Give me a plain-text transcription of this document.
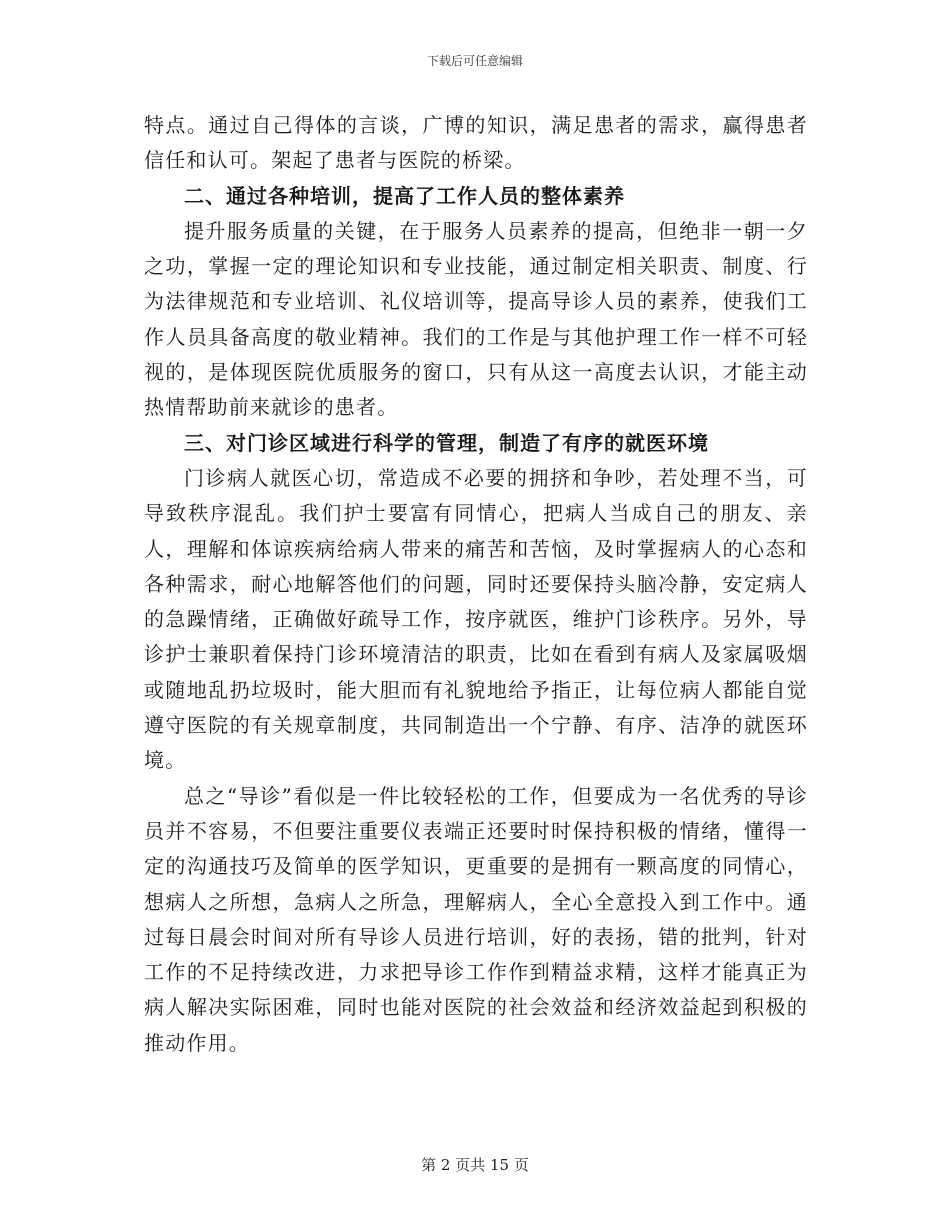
下载后可任意编辑

特点。通过自己得体的言谈，广博的知识，满足患者的需求，赢得患者信任和认可。架起了患者与医院的桥梁。

二、通过各种培训，提高了工作人员的整体素养

提升服务质量的关键，在于服务人员素养的提高，但绝非一朝一夕之功，掌握一定的理论知识和专业技能，通过制定相关职责、制度、行为法律规范和专业培训、礼仪培训等，提高导诊人员的素养，使我们工作人员具备高度的敬业精神。我们的工作是与其他护理工作一样不可轻视的，是体现医院优质服务的窗口，只有从这一高度去认识，才能主动热情帮助前来就诊的患者。

三、对门诊区域进行科学的管理，制造了有序的就医环境

门诊病人就医心切，常造成不必要的拥挤和争吵，若处理不当，可导致秩序混乱。我们护士要富有同情心，把病人当成自己的朋友、亲人，理解和体谅疾病给病人带来的痛苦和苦恼，及时掌握病人的心态和各种需求，耐心地解答他们的问题，同时还要保持头脑冷静，安定病人的急躁情绪，正确做好疏导工作，按序就医，维护门诊秩序。另外，导诊护士兼职着保持门诊环境清洁的职责，比如在看到有病人及家属吸烟或随地乱扔垃圾时，能大胆而有礼貌地给予指正，让每位病人都能自觉遵守医院的有关规章制度，共同制造出一个宁静、有序、洁净的就医环境。

总之“导诊”看似是一件比较轻松的工作，但要成为一名优秀的导诊员并不容易，不但要注重要仪表端正还要时时保持积极的情绪，懂得一定的沟通技巧及简单的医学知识，更重要的是拥有一颗高度的同情心，想病人之所想，急病人之所急，理解病人，全心全意投入到工作中。通过每日晨会时间对所有导诊人员进行培训，好的表扬，错的批判，针对工作的不足持续改进，力求把导诊工作作到精益求精，这样才能真正为病人解决实际困难，同时也能对医院的社会效益和经济效益起到积极的推动作用。

第 2 页共 15 页
